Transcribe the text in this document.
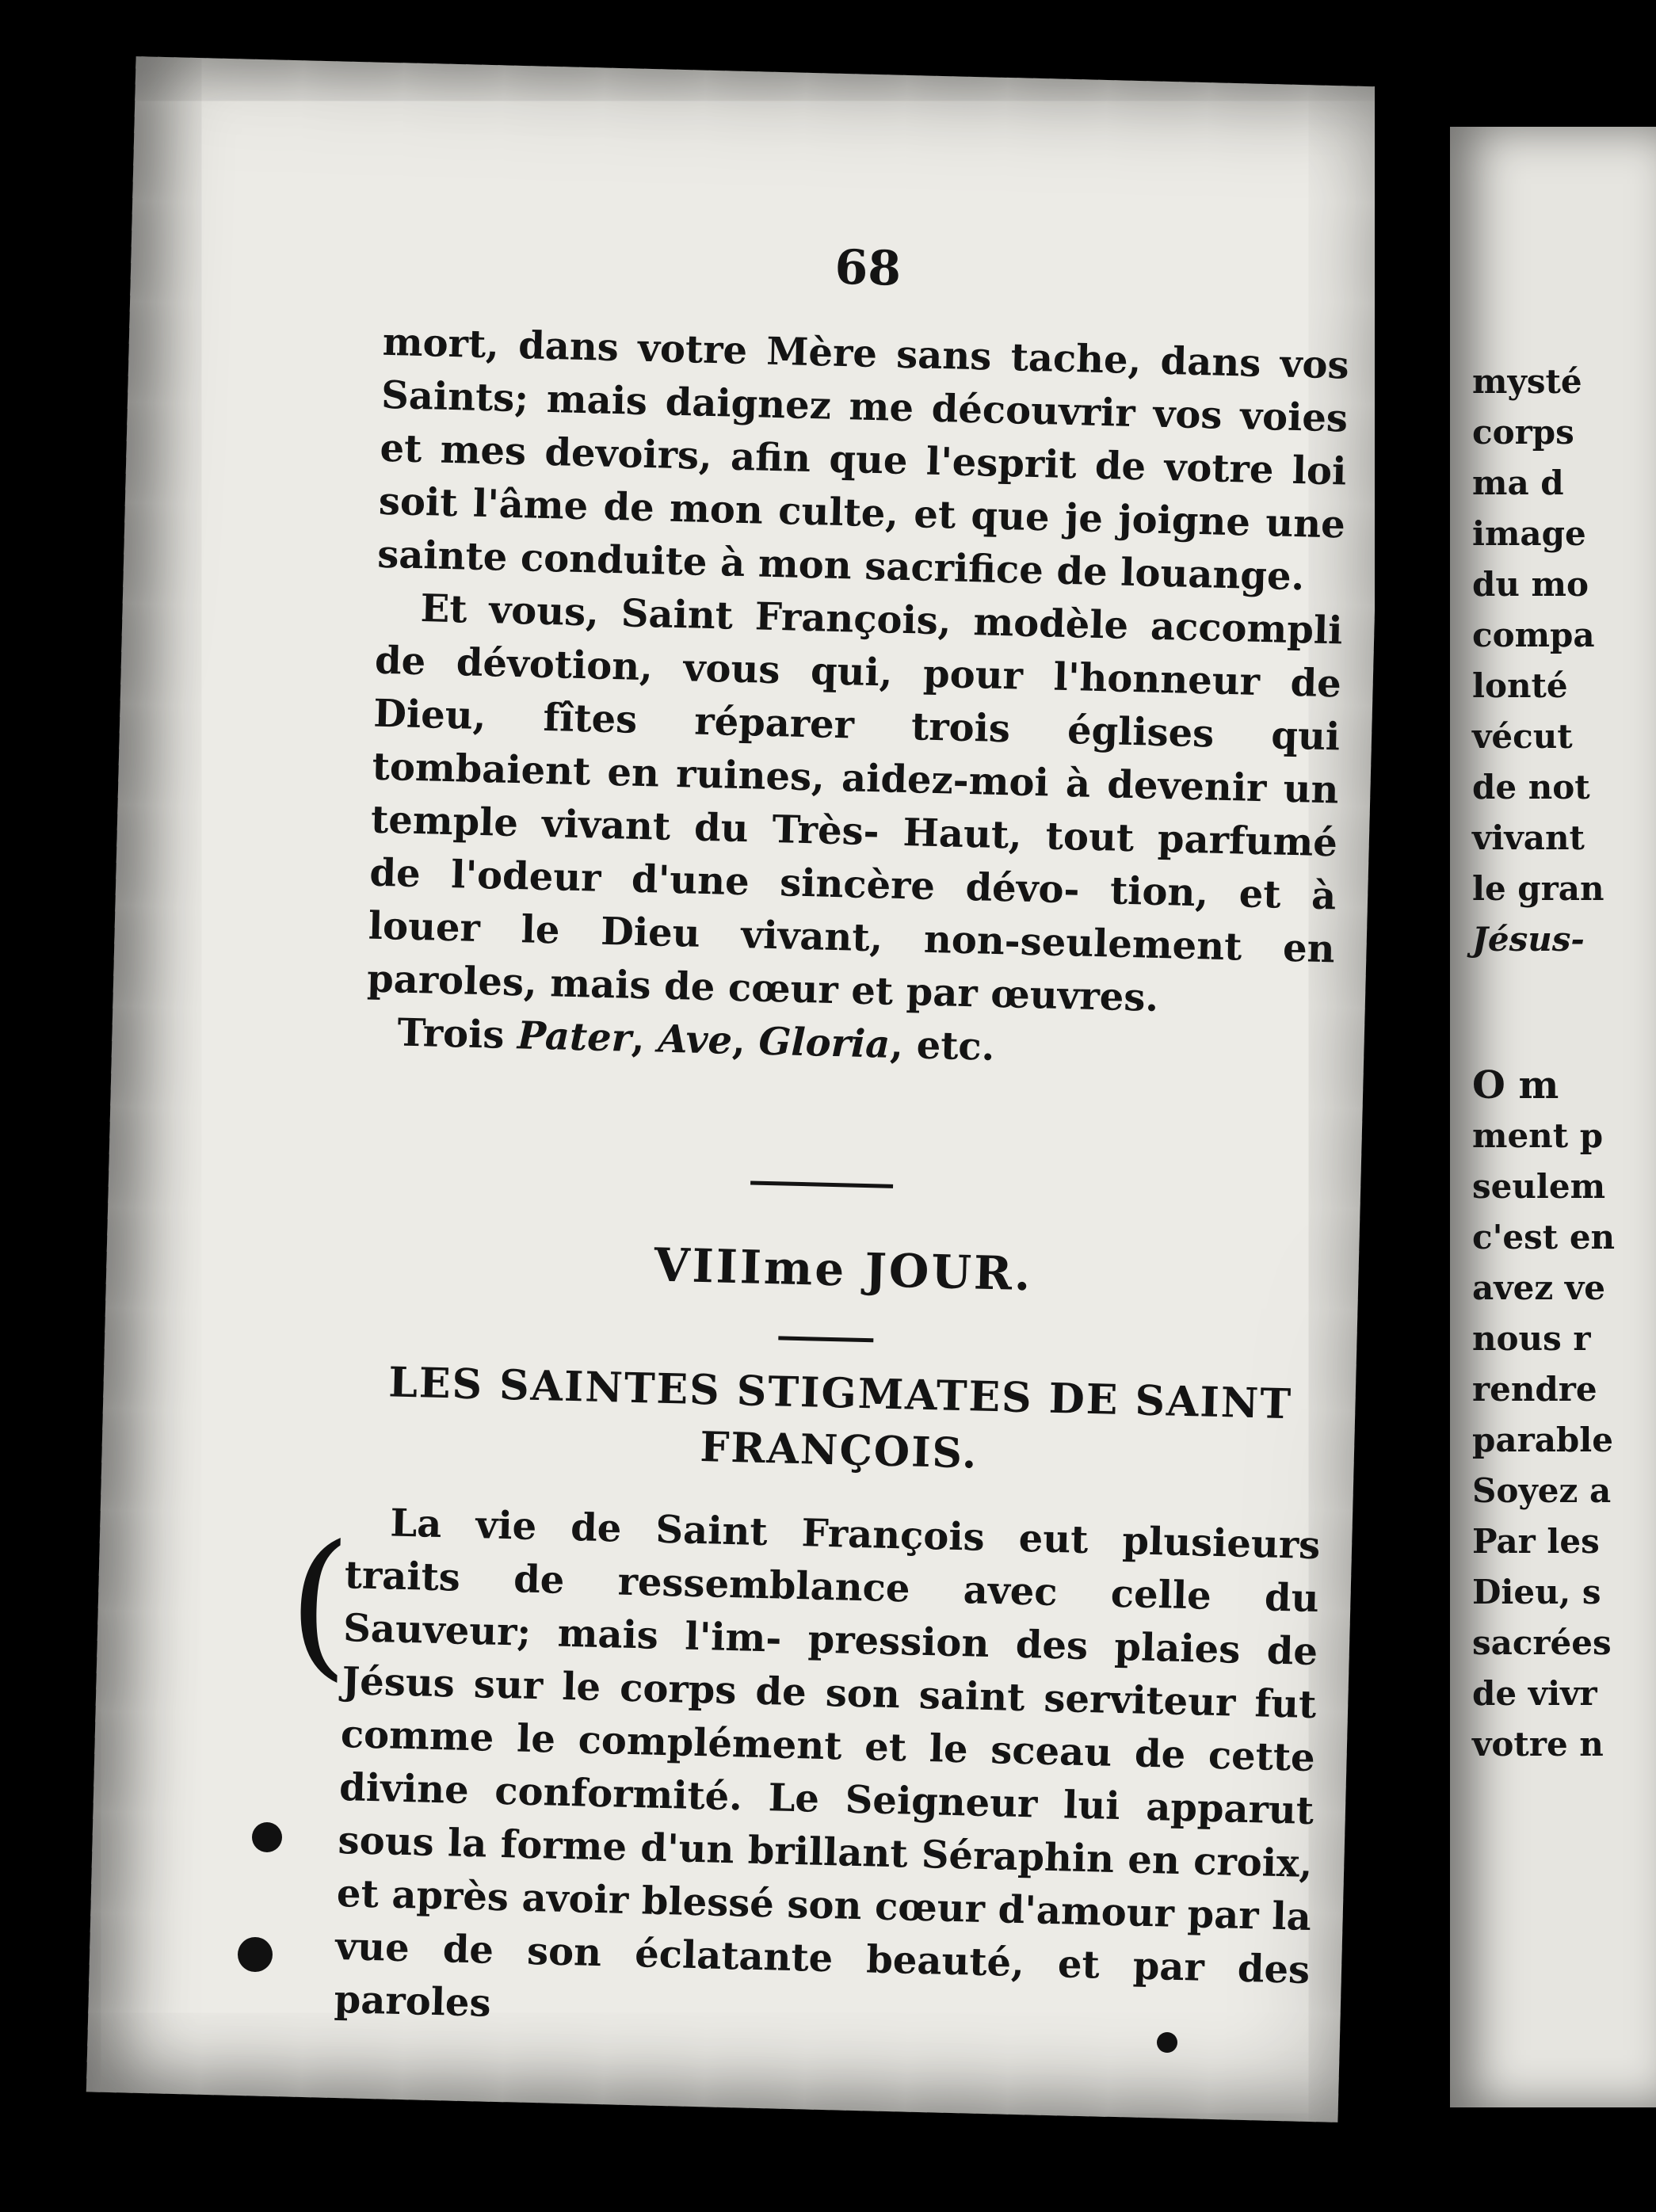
68

mort, dans votre Mère sans tache, dans vos Saints; mais daignez me découvrir vos voies et mes devoirs, afin que l'esprit de votre loi soit l'âme de mon culte, et que je joigne une sainte conduite à mon sacrifice de louange.

Et vous, Saint François, modèle accompli de dévotion, vous qui, pour l'honneur de Dieu, fîtes réparer trois églises qui tombaient en ruines, aidez-moi à devenir un temple vivant du Très- Haut, tout parfumé de l'odeur d'une sincère dévo- tion, et à louer le Dieu vivant, non-seulement en paroles, mais de cœur et par œuvres.

Trois Pater, Ave, Gloria, etc.

VIIIme JOUR.
LES SAINTES STIGMATES DE SAINT
FRANÇOIS.
( La vie de Saint François eut plusieurs traits de ressemblance avec celle du Sauveur; mais l'im- pression des plaies de Jésus sur le corps de son saint serviteur fut comme le complément et le sceau de cette divine conformité. Le Seigneur lui apparut sous la forme d'un brillant Séraphin en croix, et après avoir blessé son cœur d'amour par la vue de son éclatante beauté, et par des paroles
mysté
corps
ma d
image
du mo
compa
lonté
vécut
de not
vivant
le gran
Jésus-
O m
ment p
seulem
c'est en
avez ve
nous r
rendre
parable
Soyez a
Par les
Dieu, s
sacrées
de vivr
votre n
